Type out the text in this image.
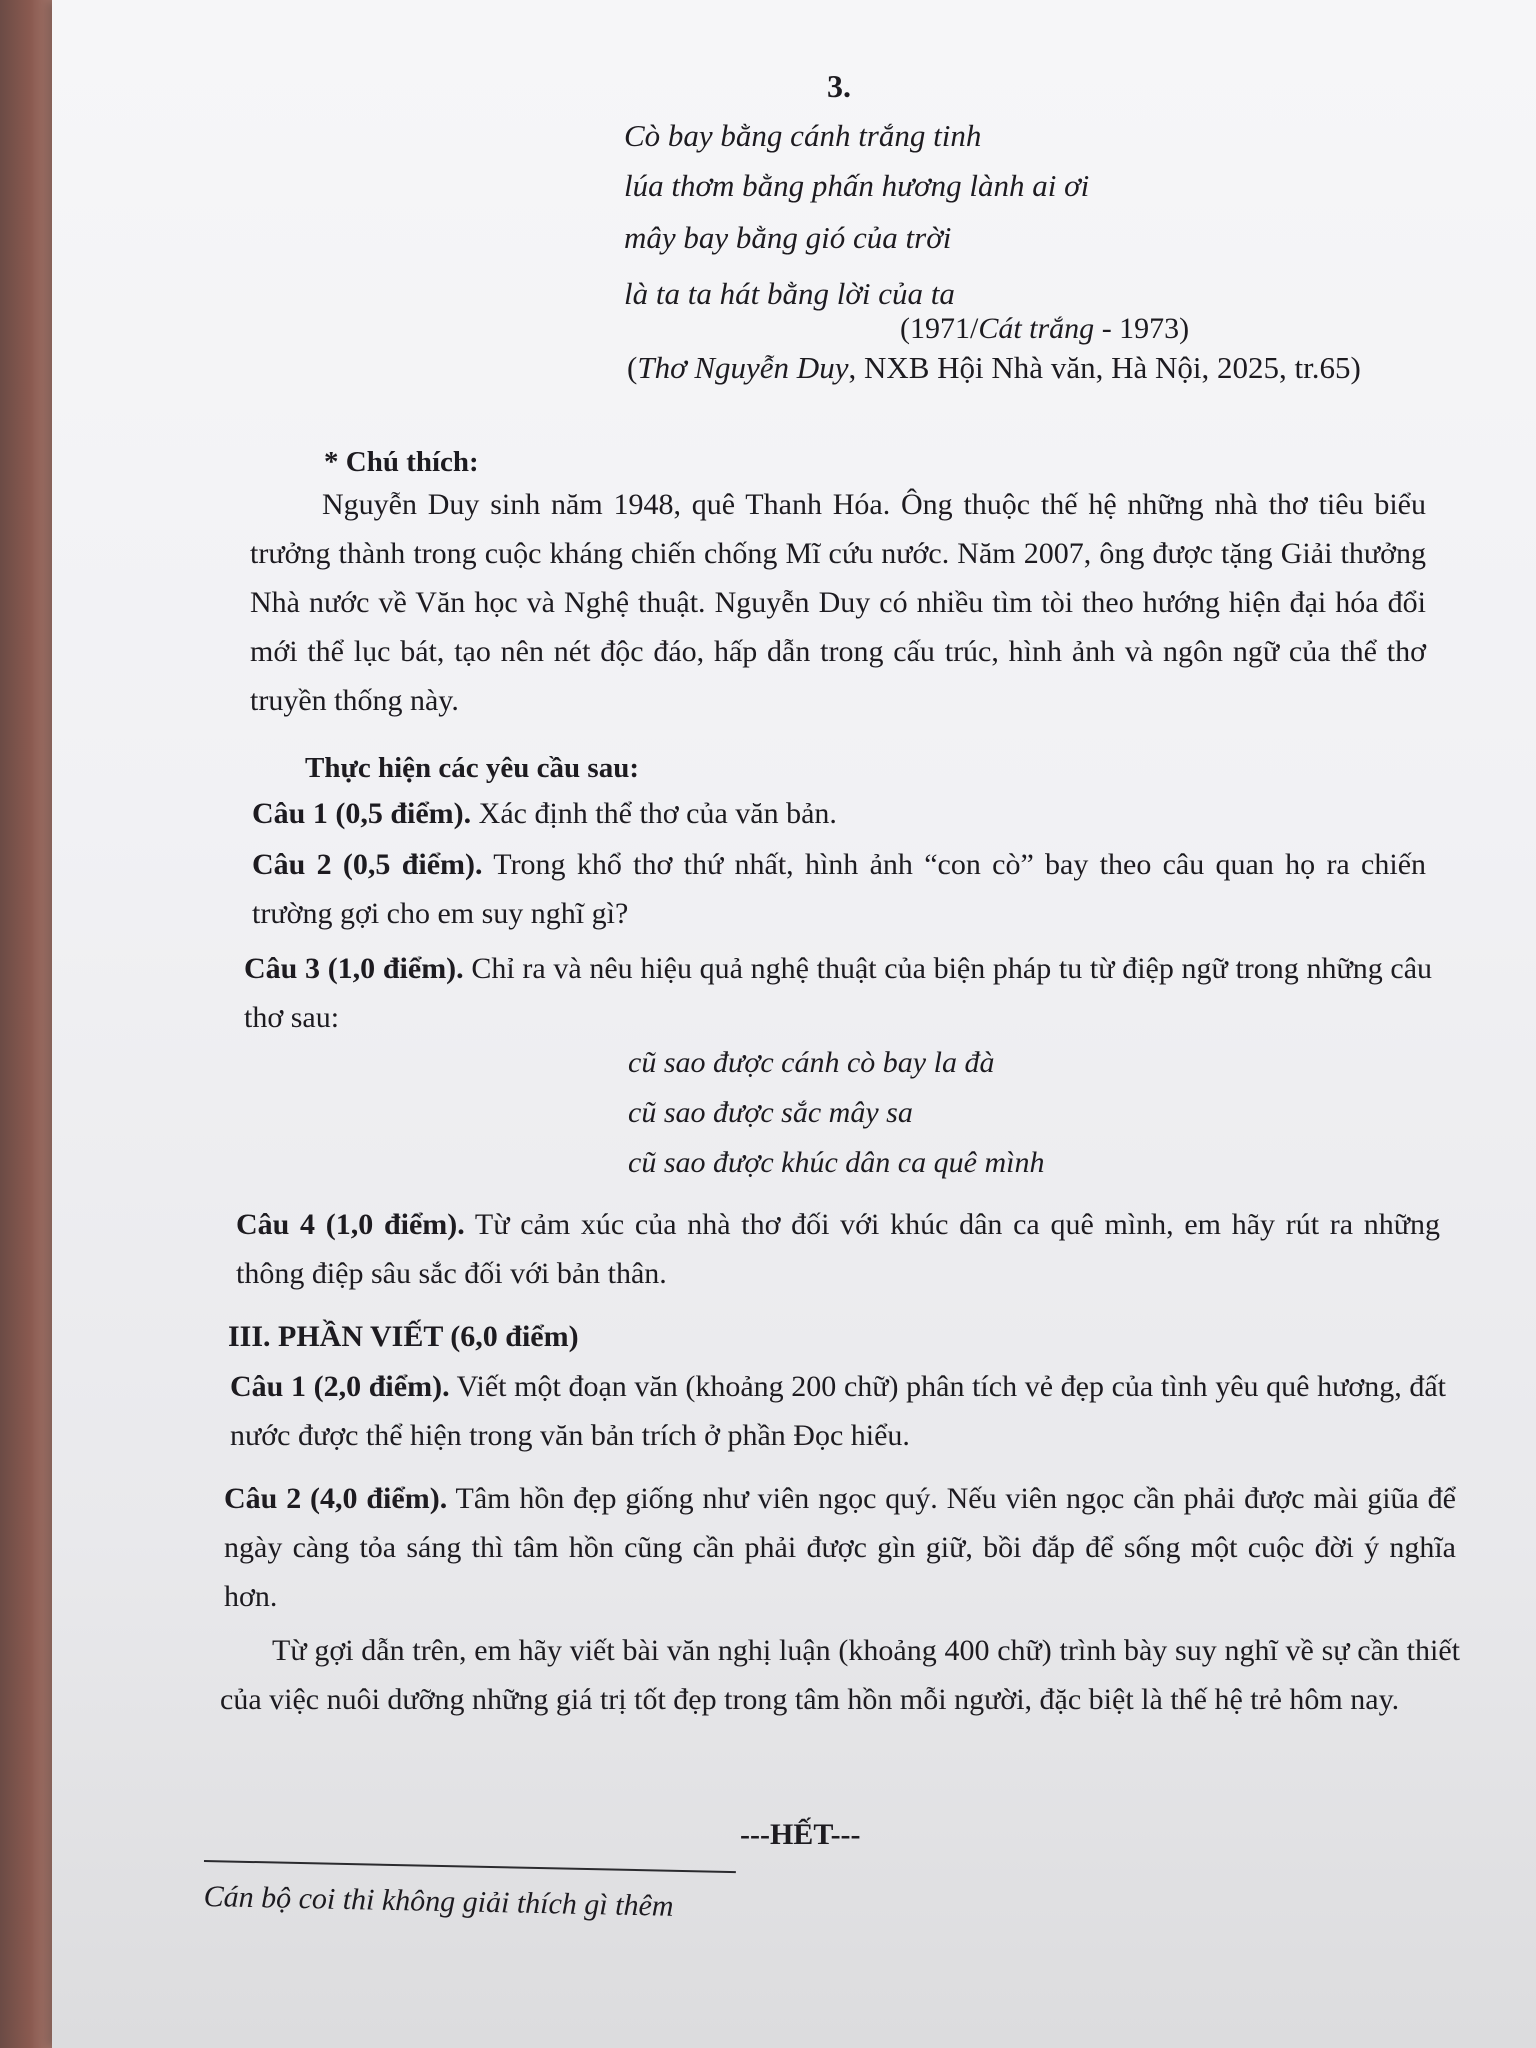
3.
Cò bay bằng cánh trắng tinh
lúa thơm bằng phấn hương lành ai ơi
mây bay bằng gió của trời
là ta ta hát bằng lời của ta
(1971/Cát trắng - 1973)
(Thơ Nguyễn Duy, NXB Hội Nhà văn, Hà Nội, 2025, tr.65)
* Chú thích:
Nguyễn Duy sinh năm 1948, quê Thanh Hóa. Ông thuộc thế hệ những nhà thơ tiêu biểu trưởng thành trong cuộc kháng chiến chống Mĩ cứu nước. Năm 2007, ông được tặng Giải thưởng Nhà nước về Văn học và Nghệ thuật. Nguyễn Duy có nhiều tìm tòi theo hướng hiện đại hóa đổi mới thể lục bát, tạo nên nét độc đáo, hấp dẫn trong cấu trúc, hình ảnh và ngôn ngữ của thể thơ truyền thống này.
Thực hiện các yêu cầu sau:
Câu 1 (0,5 điểm). Xác định thể thơ của văn bản.
Câu 2 (0,5 điểm). Trong khổ thơ thứ nhất, hình ảnh “con cò” bay theo câu quan họ ra chiến trường gợi cho em suy nghĩ gì?
Câu 3 (1,0 điểm). Chỉ ra và nêu hiệu quả nghệ thuật của biện pháp tu từ điệp ngữ trong những câu thơ sau:
cũ sao được cánh cò bay la đà
cũ sao được sắc mây sa
cũ sao được khúc dân ca quê mình
Câu 4 (1,0 điểm). Từ cảm xúc của nhà thơ đối với khúc dân ca quê mình, em hãy rút ra những thông điệp sâu sắc đối với bản thân.
III. PHẦN VIẾT (6,0 điểm)
Câu 1 (2,0 điểm). Viết một đoạn văn (khoảng 200 chữ) phân tích vẻ đẹp của tình yêu quê hương, đất nước được thể hiện trong văn bản trích ở phần Đọc hiểu.
Câu 2 (4,0 điểm). Tâm hồn đẹp giống như viên ngọc quý. Nếu viên ngọc cần phải được mài giũa để ngày càng tỏa sáng thì tâm hồn cũng cần phải được gìn giữ, bồi đắp để sống một cuộc đời ý nghĩa hơn.
Từ gợi dẫn trên, em hãy viết bài văn nghị luận (khoảng 400 chữ) trình bày suy nghĩ về sự cần thiết của việc nuôi dưỡng những giá trị tốt đẹp trong tâm hồn mỗi người, đặc biệt là thế hệ trẻ hôm nay.
---HẾT---
Cán bộ coi thi không giải thích gì thêm
